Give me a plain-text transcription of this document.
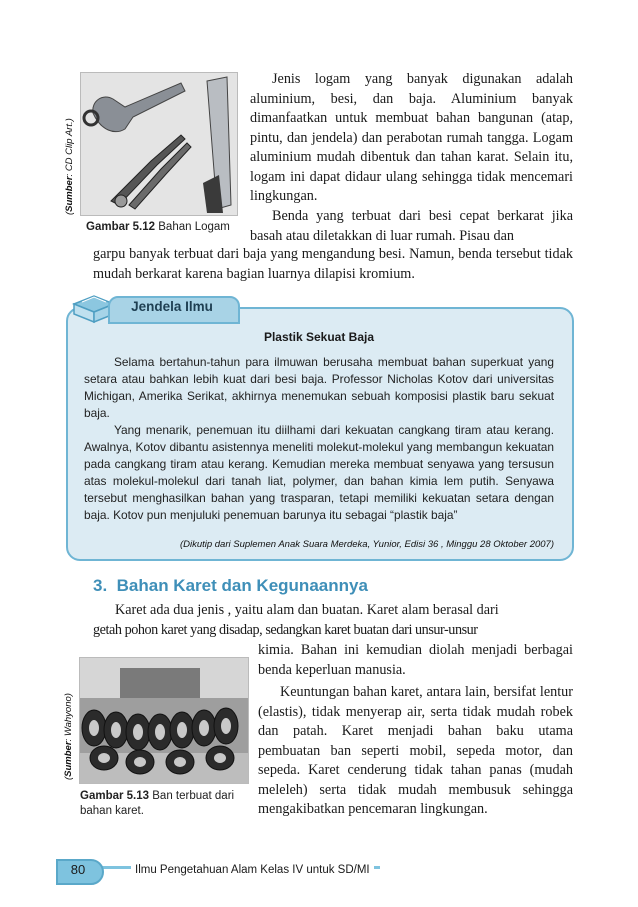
(Sumber: CD Clip Art.)
Gambar 5.12 Bahan Logam

Jenis logam yang banyak digunakan adalah aluminium, besi, dan baja. Aluminium banyak dimanfaatkan untuk membuat bahan bangunan (atap, pintu, dan jendela) dan perabotan rumah tangga. Logam aluminium mudah dibentuk dan tahan karat. Selain itu, logam ini dapat didaur ulang sehingga tidak mencemari lingkungan.

Benda yang terbuat dari besi cepat berkarat jika basah atau diletakkan di luar rumah. Pisau dan

garpu banyak terbuat dari baja yang mengandung besi. Namun, benda tersebut tidak mudah berkarat karena bagian luarnya dilapisi kromium.

Jendela Ilmu
Plastik Sekuat Baja

Selama bertahun-tahun para ilmuwan berusaha membuat bahan superkuat yang setara atau bahkan lebih kuat dari besi baja. Professor Nicholas Kotov dari universitas Michigan, Amerika Serikat, akhirnya menemukan sebuah komposisi plastik baru sekuat baja.

Yang menarik, penemuan itu diilhami dari kekuatan cangkang tiram atau kerang. Awalnya, Kotov dibantu asistennya meneliti molekut-molekul yang membangun kekuatan pada cangkang tiram atau kerang. Kemudian mereka membuat senyawa yang tersusun atas molekul-molekul dari tanah liat, polymer, dan bahan kimia lem putih. Senyawa tersebut menghasilkan bahan yang trasparan, tetapi memiliki kekuatan setara dengan baja. Kotov pun menjuluki penemuan barunya itu sebagai “plastik baja”

(Dikutip dari Suplemen Anak Suara Merdeka, Yunior, Edisi 36 , Minggu 28 Oktober 2007)
3.  Bahan Karet dan Kegunaannya

Karet ada dua jenis , yaitu alam dan buatan. Karet alam berasal dari

getah pohon karet yang disadap, sedangkan karet buatan dari unsur-unsur

kimia. Bahan ini kemudian diolah menjadi berbagai benda keperluan manusia.

Keuntungan bahan karet, antara lain, bersifat lentur (elastis), tidak menyerap air, serta tidak mudah robek dan patah. Karet menjadi bahan baku utama pembuatan ban seperti mobil, sepeda motor, dan sepeda. Karet cenderung tidak tahan panas (mudah meleleh) serta tidak mudah membusuk sehingga mengakibatkan pencemaran lingkungan.

(Sumber: Wahyono)
Gambar 5.13 Ban terbuat dari bahan karet.
80	Ilmu Pengetahuan Alam Kelas IV untuk SD/MI
